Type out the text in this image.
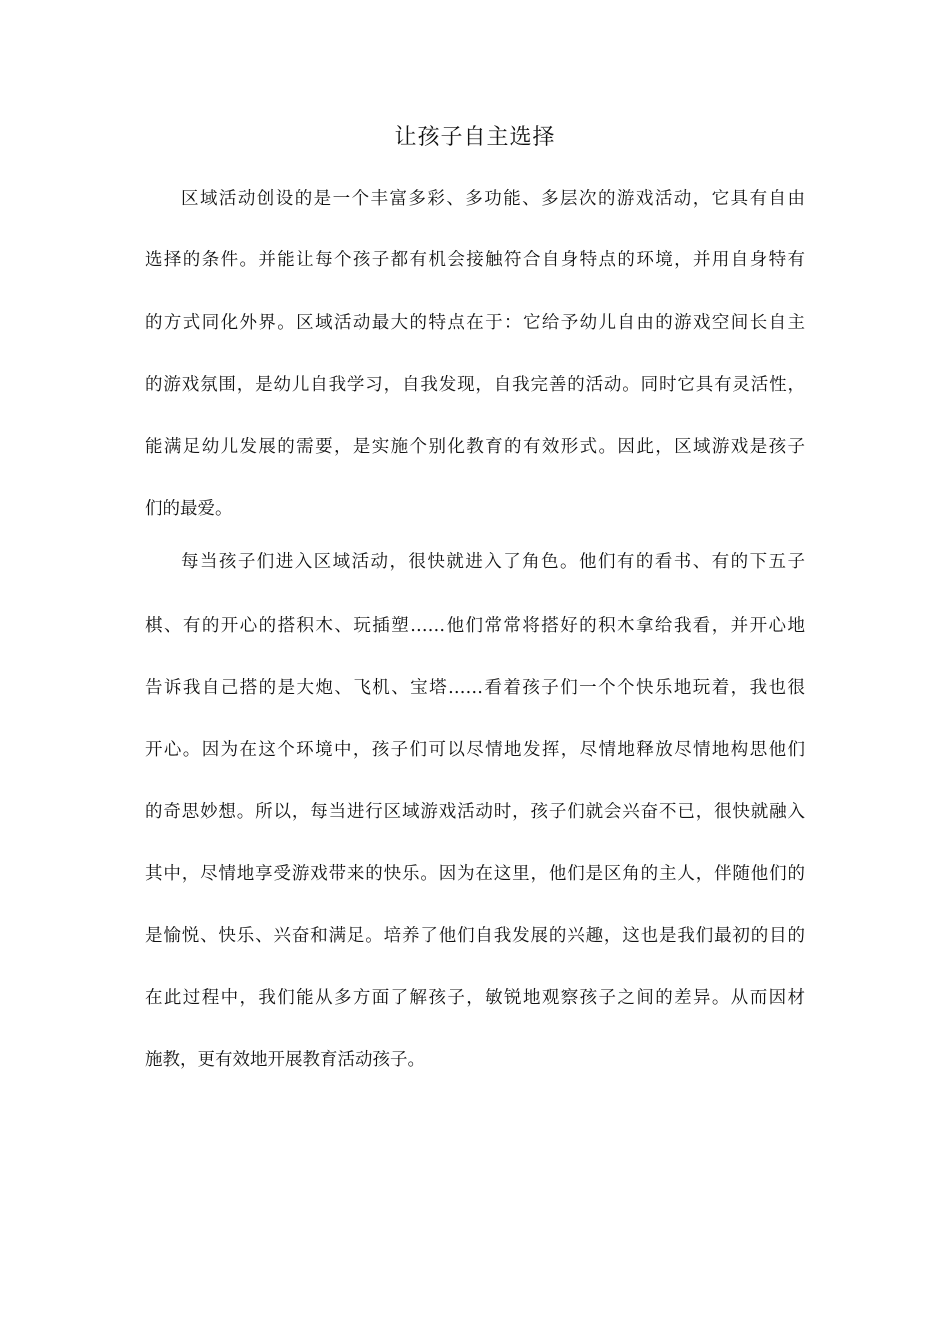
让孩子自主选择

区域活动创设的是一个丰富多彩、多功能、多层次的游戏活动，它具有自由

选择的条件。并能让每个孩子都有机会接触符合自身特点的环境，并用自身特有

的方式同化外界。区域活动最大的特点在于：它给予幼儿自由的游戏空间长自主

的游戏氛围，是幼儿自我学习，自我发现，自我完善的活动。同时它具有灵活性，

能满足幼儿发展的需要，是实施个别化教育的有效形式。因此，区域游戏是孩子

们的最爱。

每当孩子们进入区域活动，很快就进入了角色。他们有的看书、有的下五子

棋、有的开心的搭积木、玩插塑……他们常常将搭好的积木拿给我看，并开心地

告诉我自己搭的是大炮、飞机、宝塔……看着孩子们一个个快乐地玩着，我也很

开心。因为在这个环境中，孩子们可以尽情地发挥，尽情地释放尽情地构思他们

的奇思妙想。所以，每当进行区域游戏活动时，孩子们就会兴奋不已，很快就融入

其中，尽情地享受游戏带来的快乐。因为在这里，他们是区角的主人，伴随他们的

是愉悦、快乐、兴奋和满足。培养了他们自我发展的兴趣，这也是我们最初的目的

在此过程中，我们能从多方面了解孩子，敏锐地观察孩子之间的差异。从而因材

施教，更有效地开展教育活动孩子。
